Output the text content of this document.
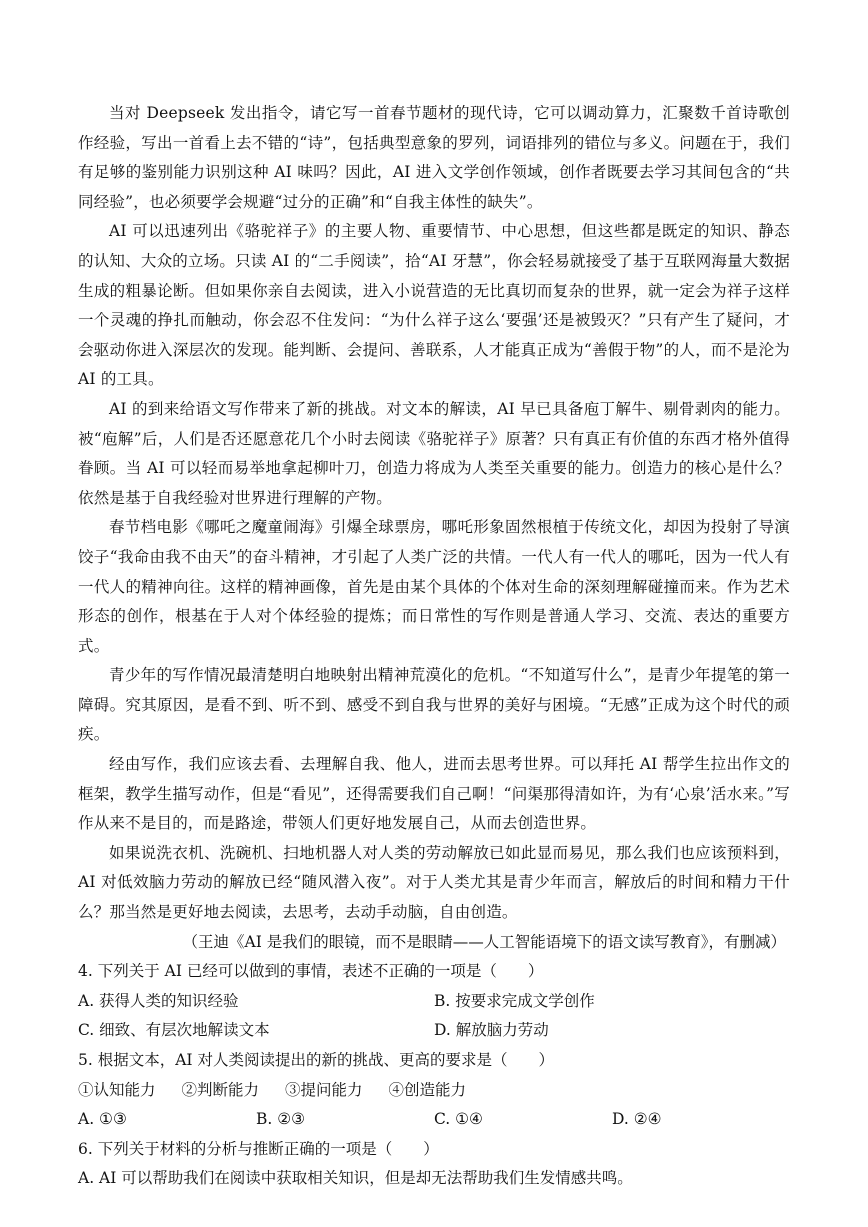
当对 Deepseek 发出指令，请它写一首春节题材的现代诗，它可以调动算力，汇聚数千首诗歌创作经验，写出一首看上去不错的“诗”，包括典型意象的罗列，词语排列的错位与多义。问题在于，我们有足够的鉴别能力识别这种 AI 味吗？因此，AI 进入文学创作领域，创作者既要去学习其间包含的“共同经验”，也必须要学会规避“过分的正确”和“自我主体性的缺失”。

AI 可以迅速列出《骆驼祥子》的主要人物、重要情节、中心思想，但这些都是既定的知识、静态的认知、大众的立场。只读 AI 的“二手阅读”，拾“AI 牙慧”，你会轻易就接受了基于互联网海量大数据生成的粗暴论断。但如果你亲自去阅读，进入小说营造的无比真切而复杂的世界，就一定会为祥子这样一个灵魂的挣扎而触动，你会忍不住发问：“为什么祥子这么‘要强’还是被毁灭？”只有产生了疑问，才会驱动你进入深层次的发现。能判断、会提问、善联系，人才能真正成为“善假于物”的人，而不是沦为 AI 的工具。

AI 的到来给语文写作带来了新的挑战。对文本的解读，AI 早已具备庖丁解牛、剔骨剥肉的能力。被“庖解”后，人们是否还愿意花几个小时去阅读《骆驼祥子》原著？只有真正有价值的东西才格外值得眷顾。当 AI 可以轻而易举地拿起柳叶刀，创造力将成为人类至关重要的能力。创造力的核心是什么？依然是基于自我经验对世界进行理解的产物。

春节档电影《哪吒之魔童闹海》引爆全球票房，哪吒形象固然根植于传统文化，却因为投射了导演饺子“我命由我不由天”的奋斗精神，才引起了人类广泛的共情。一代人有一代人的哪吒，因为一代人有一代人的精神向往。这样的精神画像，首先是由某个具体的个体对生命的深刻理解碰撞而来。作为艺术形态的创作，根基在于人对个体经验的提炼；而日常性的写作则是普通人学习、交流、表达的重要方式。

青少年的写作情况最清楚明白地映射出精神荒漠化的危机。“不知道写什么”，是青少年提笔的第一障碍。究其原因，是看不到、听不到、感受不到自我与世界的美好与困境。“无感”正成为这个时代的顽疾。

经由写作，我们应该去看、去理解自我、他人，进而去思考世界。可以拜托 AI 帮学生拉出作文的框架，教学生描写动作，但是“看见”，还得需要我们自己啊！“问渠那得清如许，为有‘心泉’活水来。”写作从来不是目的，而是路途，带领人们更好地发展自己，从而去创造世界。

如果说洗衣机、洗碗机、扫地机器人对人类的劳动解放已如此显而易见，那么我们也应该预料到，AI 对低效脑力劳动的解放已经“随风潜入夜”。对于人类尤其是青少年而言，解放后的时间和精力干什么？那当然是更好地去阅读，去思考，去动手动脑，自由创造。

（王迪《AI 是我们的眼镜，而不是眼睛——人工智能语境下的语文读写教育》，有删减）

4. 下列关于 AI 已经可以做到的事情，表述不正确的一项是（　　）

A. 获得人类的知识经验	B. 按要求完成文学创作
C. 细致、有层次地解读文本	D. 解放脑力劳动

5. 根据文本，AI 对人类阅读提出的新的挑战、更高的要求是（　　）

①认知能力 ②判断能力 ③提问能力 ④创造能力
A. ①③	B. ②③	C. ①④	D. ②④

6. 下列关于材料的分析与推断正确的一项是（　　）

A. AI 可以帮助我们在阅读中获取相关知识，但是却无法帮助我们生发情感共鸣。
